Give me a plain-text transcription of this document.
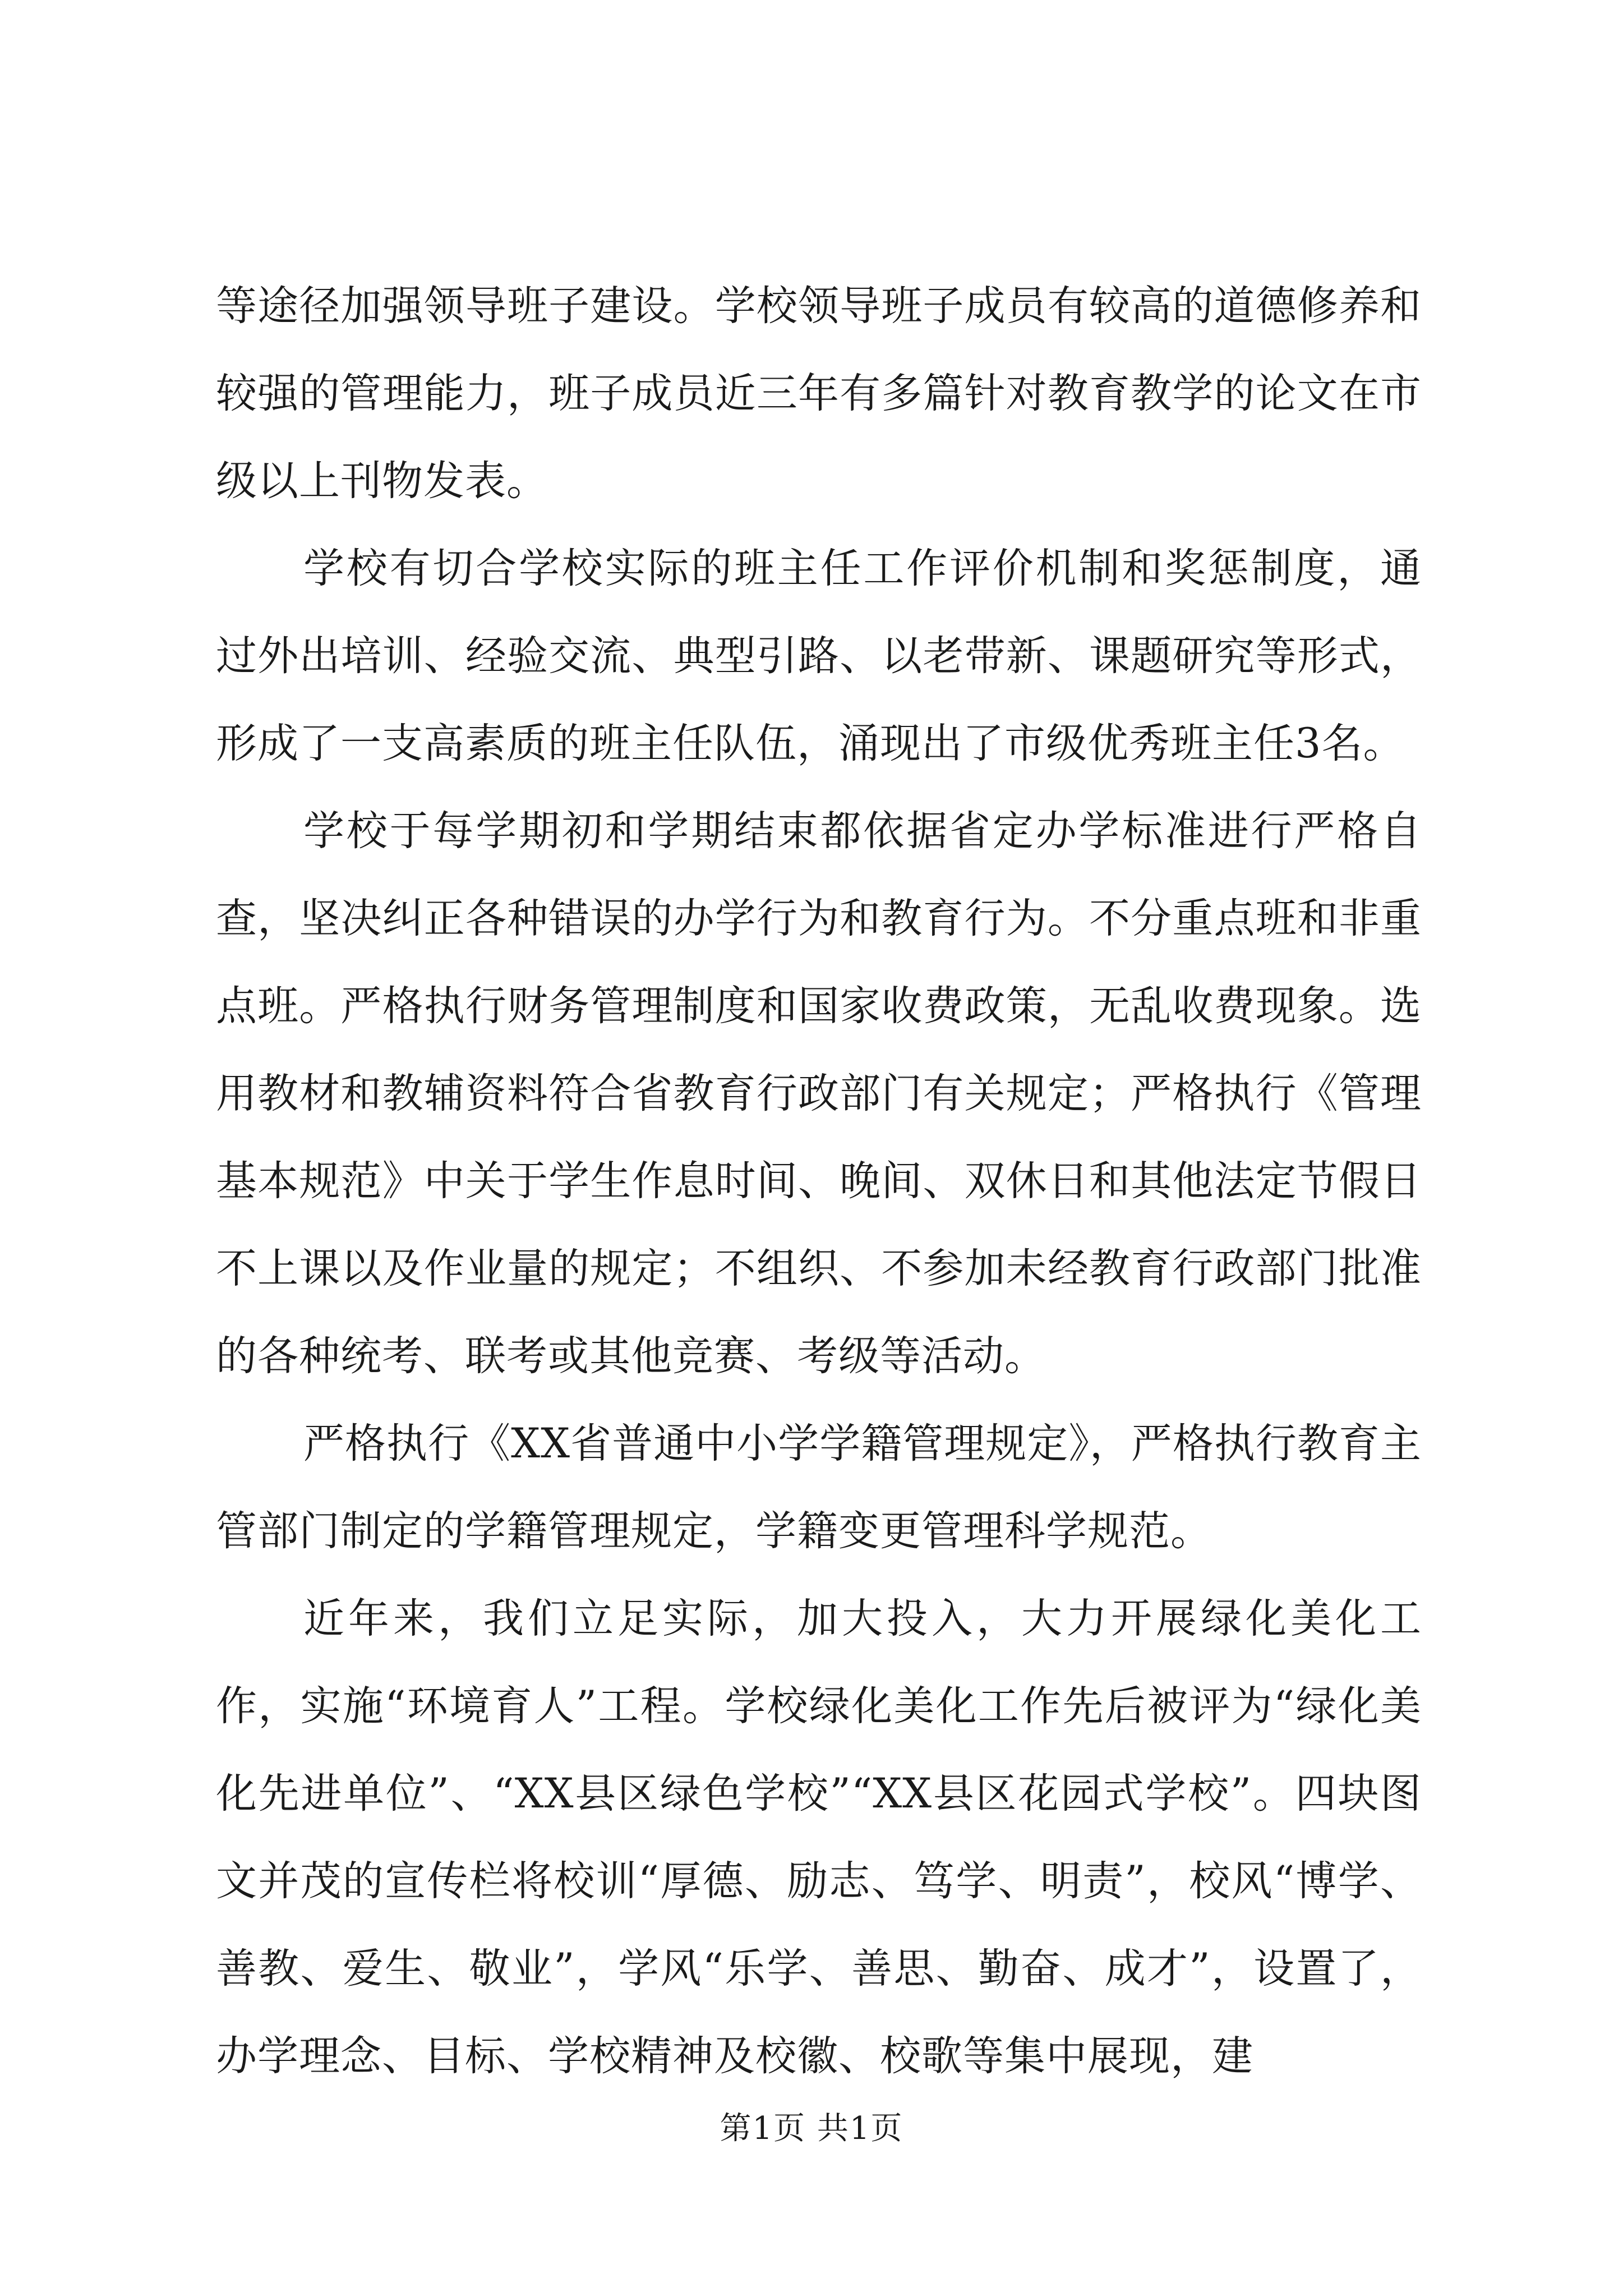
等途径加强领导班子建设。学校领导班子成员有较高的道德修养和较强的管理能力，班子成员近三年有多篇针对教育教学的论文在市级以上刊物发表。

学校有切合学校实际的班主任工作评价机制和奖惩制度，通过外出培训、经验交流、典型引路、以老带新、课题研究等形式，形成了一支高素质的班主任队伍，涌现出了市级优秀班主任3名。

学校于每学期初和学期结束都依据省定办学标准进行严格自查，坚决纠正各种错误的办学行为和教育行为。不分重点班和非重点班。严格执行财务管理制度和国家收费政策，无乱收费现象。选用教材和教辅资料符合省教育行政部门有关规定；严格执行《管理基本规范》中关于学生作息时间、晚间、双休日和其他法定节假日不上课以及作业量的规定；不组织、不参加未经教育行政部门批准的各种统考、联考或其他竞赛、考级等活动。

严格执行《XX省普通中小学学籍管理规定》，严格执行教育主管部门制定的学籍管理规定，学籍变更管理科学规范。

近年来，我们立足实际，加大投入，大力开展绿化美化工作，实施“环境育人”工程。学校绿化美化工作先后被评为“绿化美化先进单位”、“XX县区绿色学校”“XX县区花园式学校”。四块图文并茂的宣传栏将校训“厚德、励志、笃学、明责”，校风“博学、善教、爱生、敬业”，学风“乐学、善思、勤奋、成才”，设置了，办学理念、目标、学校精神及校徽、校歌等集中展现，建

第1页 共1页
